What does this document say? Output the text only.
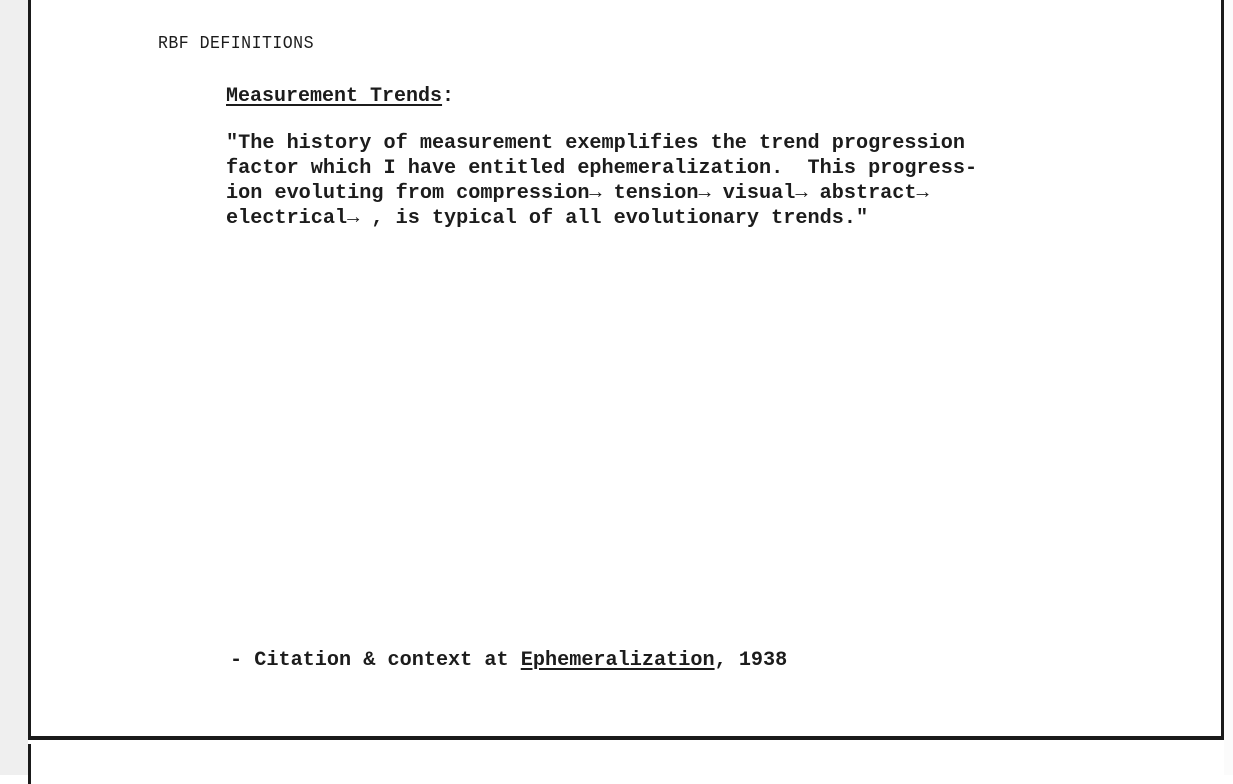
RBF DEFINITIONS
Measurement Trends:
"The history of measurement exemplifies the trend progression
factor which I have entitled ephemeralization.  This progress-
ion evoluting from compression→ tension→ visual→ abstract→
electrical→ , is typical of all evolutionary trends."
- Citation & context at Ephemeralization, 1938
